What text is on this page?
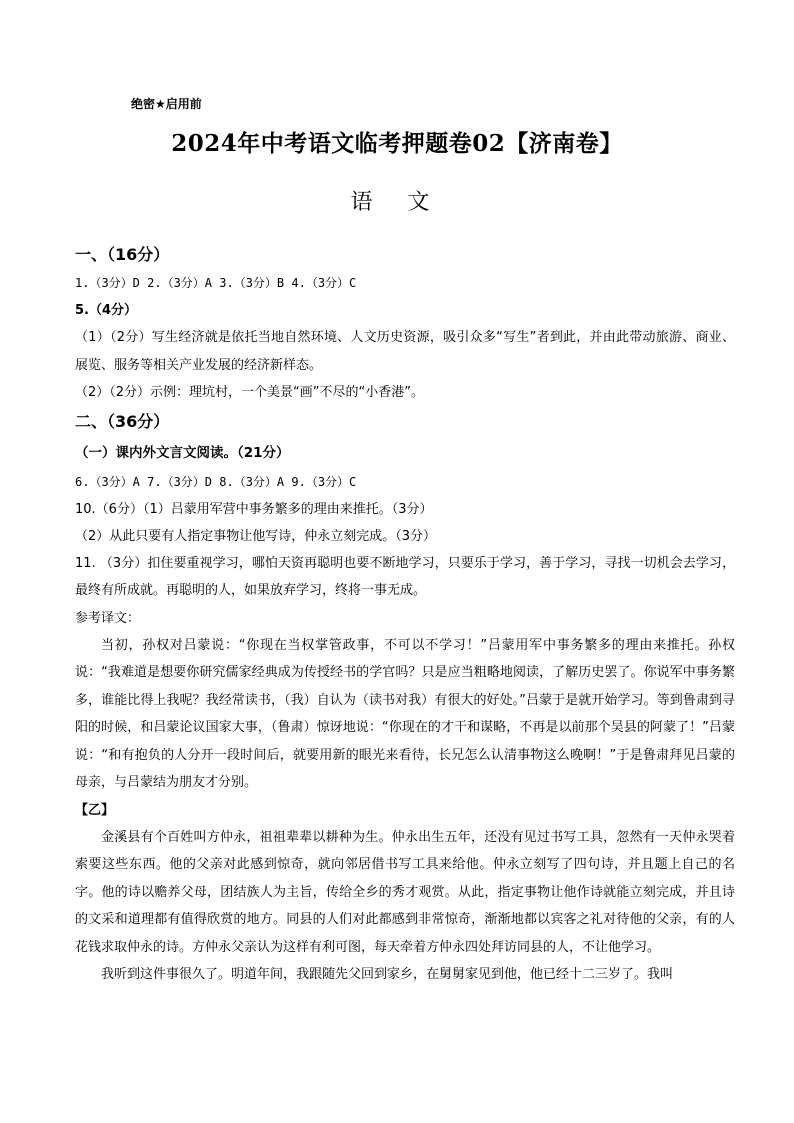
绝密★启用前
2024年中考语文临考押题卷02【济南卷】
语 文

一、（16分）

1.（3分）D 2.（3分）A 3.（3分）B 4.（3分）C

5.（4分）

（1）（2分）写生经济就是依托当地自然环境、人文历史资源，吸引众多“写生”者到此，并由此带动旅游、商业、展览、服务等相关产业发展的经济新样态。

（2）（2分）示例：理坑村，一个美景“画”不尽的“小香港”。

二、（36分）

（一）课内外文言文阅读。（21分）

6.（3分）A 7.（3分）D 8.（3分）A 9.（3分）C

10.（6分）（1）吕蒙用军营中事务繁多的理由来推托。（3分）

（2）从此只要有人指定事物让他写诗，仲永立刻完成。（3分）

11. （3分）扣住要重视学习，哪怕天资再聪明也要不断地学习，只要乐于学习，善于学习，寻找一切机会去学习，最终有所成就。再聪明的人，如果放弃学习，终将一事无成。

参考译文：

当初，孙权对吕蒙说：“你现在当权掌管政事，不可以不学习！”吕蒙用军中事务繁多的理由来推托。孙权说：“我难道是想要你研究儒家经典成为传授经书的学官吗？只是应当粗略地阅读，了解历史罢了。你说军中事务繁多，谁能比得上我呢？我经常读书，（我）自认为（读书对我）有很大的好处。”吕蒙于是就开始学习。等到鲁肃到寻阳的时候，和吕蒙论议国家大事，（鲁肃）惊讶地说：“你现在的才干和谋略，不再是以前那个吴县的阿蒙了！”吕蒙说：“和有抱负的人分开一段时间后，就要用新的眼光来看待，长兄怎么认清事物这么晚啊！”于是鲁肃拜见吕蒙的母亲，与吕蒙结为朋友才分别。

【乙】

金溪县有个百姓叫方仲永，祖祖辈辈以耕种为生。仲永出生五年，还没有见过书写工具，忽然有一天仲永哭着索要这些东西。他的父亲对此感到惊奇，就向邻居借书写工具来给他。仲永立刻写了四句诗，并且题上自己的名字。他的诗以赡养父母，团结族人为主旨，传给全乡的秀才观赏。从此，指定事物让他作诗就能立刻完成，并且诗的文采和道理都有值得欣赏的地方。同县的人们对此都感到非常惊奇，渐渐地都以宾客之礼对待他的父亲，有的人花钱求取仲永的诗。方仲永父亲认为这样有利可图，每天牵着方仲永四处拜访同县的人，不让他学习。

我听到这件事很久了。明道年间，我跟随先父回到家乡，在舅舅家见到他，他已经十二三岁了。我叫
